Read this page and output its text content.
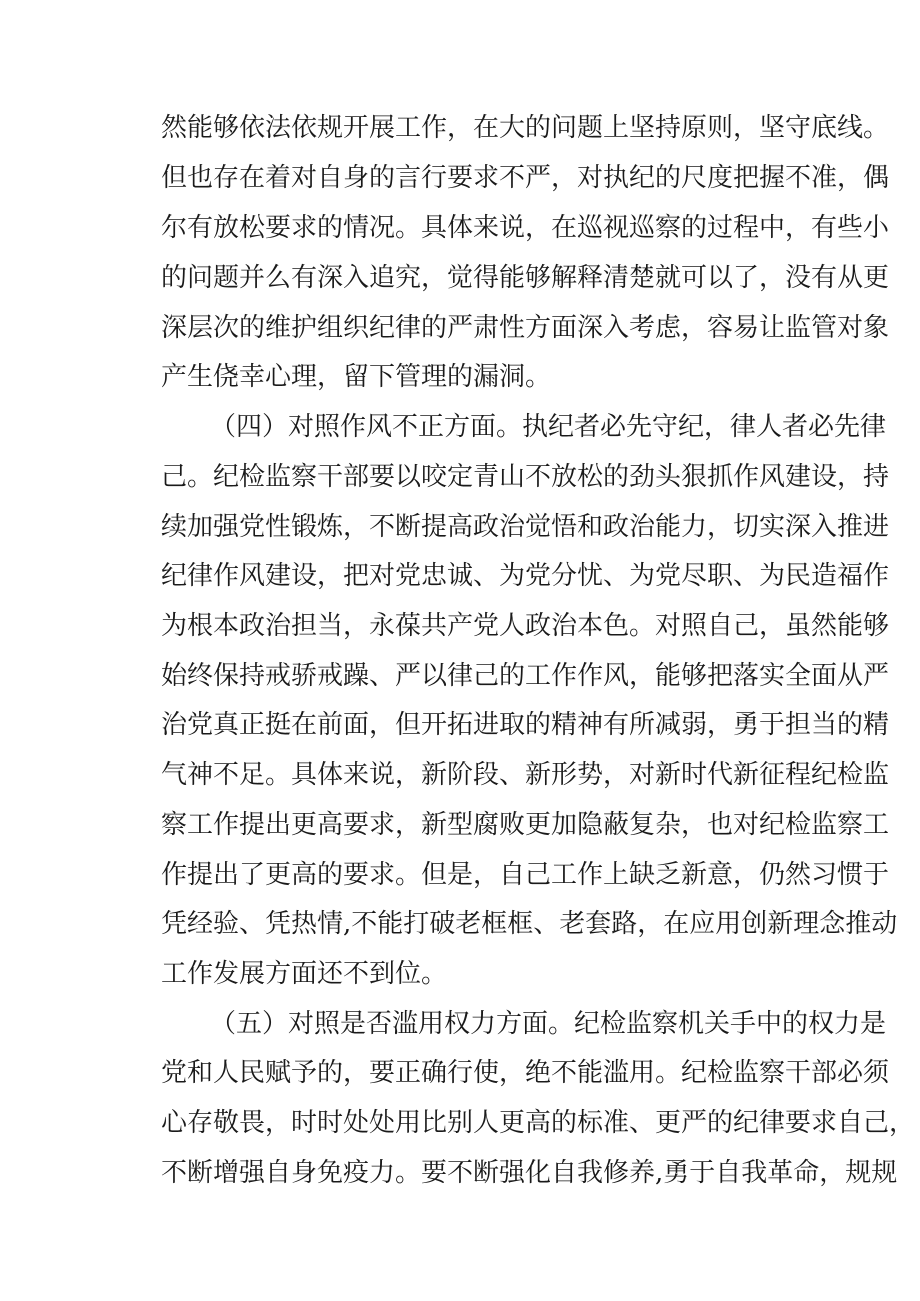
然能够依法依规开展工作，在大的问题上坚持原则，坚守底线。

但也存在着对自身的言行要求不严，对执纪的尺度把握不准，偶

尔有放松要求的情况。具体来说，在巡视巡察的过程中，有些小

的问题并么有深入追究，觉得能够解释清楚就可以了，没有从更

深层次的维护组织纪律的严肃性方面深入考虑，容易让监管对象

产生侥幸心理，留下管理的漏洞。

（四）对照作风不正方面。执纪者必先守纪，律人者必先律

己。纪检监察干部要以咬定青山不放松的劲头狠抓作风建设，持

续加强党性锻炼，不断提高政治觉悟和政治能力，切实深入推进

纪律作风建设，把对党忠诚、为党分忧、为党尽职、为民造福作

为根本政治担当，永葆共产党人政治本色。对照自己，虽然能够

始终保持戒骄戒躁、严以律己的工作作风，能够把落实全面从严

治党真正挺在前面，但开拓进取的精神有所减弱，勇于担当的精

气神不足。具体来说，新阶段、新形势，对新时代新征程纪检监

察工作提出更高要求，新型腐败更加隐蔽复杂，也对纪检监察工

作提出了更高的要求。但是，自己工作上缺乏新意，仍然习惯于

凭经验、凭热情,不能打破老框框、老套路，在应用创新理念推动

工作发展方面还不到位。

（五）对照是否滥用权力方面。纪检监察机关手中的权力是

党和人民赋予的，要正确行使，绝不能滥用。纪检监察干部必须

心存敬畏，时时处处用比别人更高的标准、更严的纪律要求自己，

不断增强自身免疫力。要不断强化自我修养,勇于自我革命，规规
